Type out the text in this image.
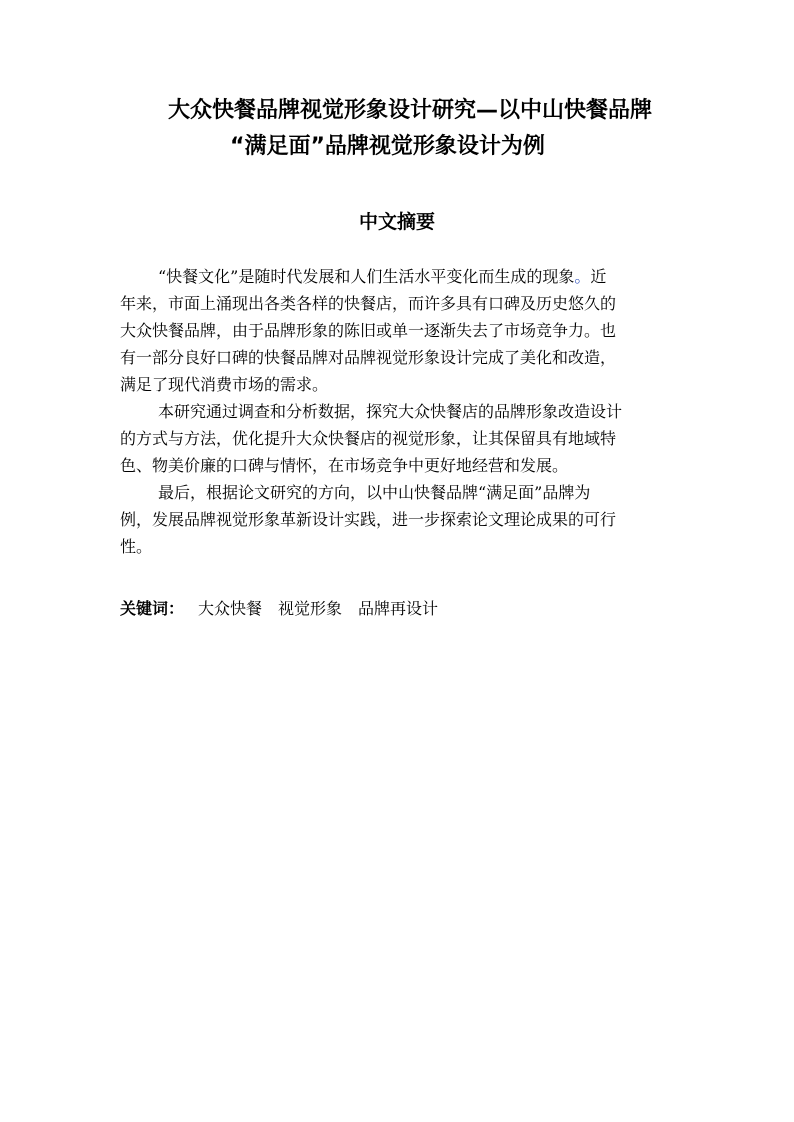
大众快餐品牌视觉形象设计研究—以中山快餐品牌
“满足面”品牌视觉形象设计为例
中文摘要
“快餐文化”是随时代发展和人们生活水平变化而生成的现象。近
年来，市面上涌现出各类各样的快餐店，而许多具有口碑及历史悠久的
大众快餐品牌，由于品牌形象的陈旧或单一逐渐失去了市场竞争力。也
有一部分良好口碑的快餐品牌对品牌视觉形象设计完成了美化和改造，
满足了现代消费市场的需求。
本研究通过调查和分析数据，探究大众快餐店的品牌形象改造设计
的方式与方法，优化提升大众快餐店的视觉形象，让其保留具有地域特
色、物美价廉的口碑与情怀，在市场竞争中更好地经营和发展。
最后，根据论文研究的方向，以中山快餐品牌“满足面”品牌为
例，发展品牌视觉形象革新设计实践，进一步探索论文理论成果的可行
性。
关键词： 大众快餐 视觉形象 品牌再设计
